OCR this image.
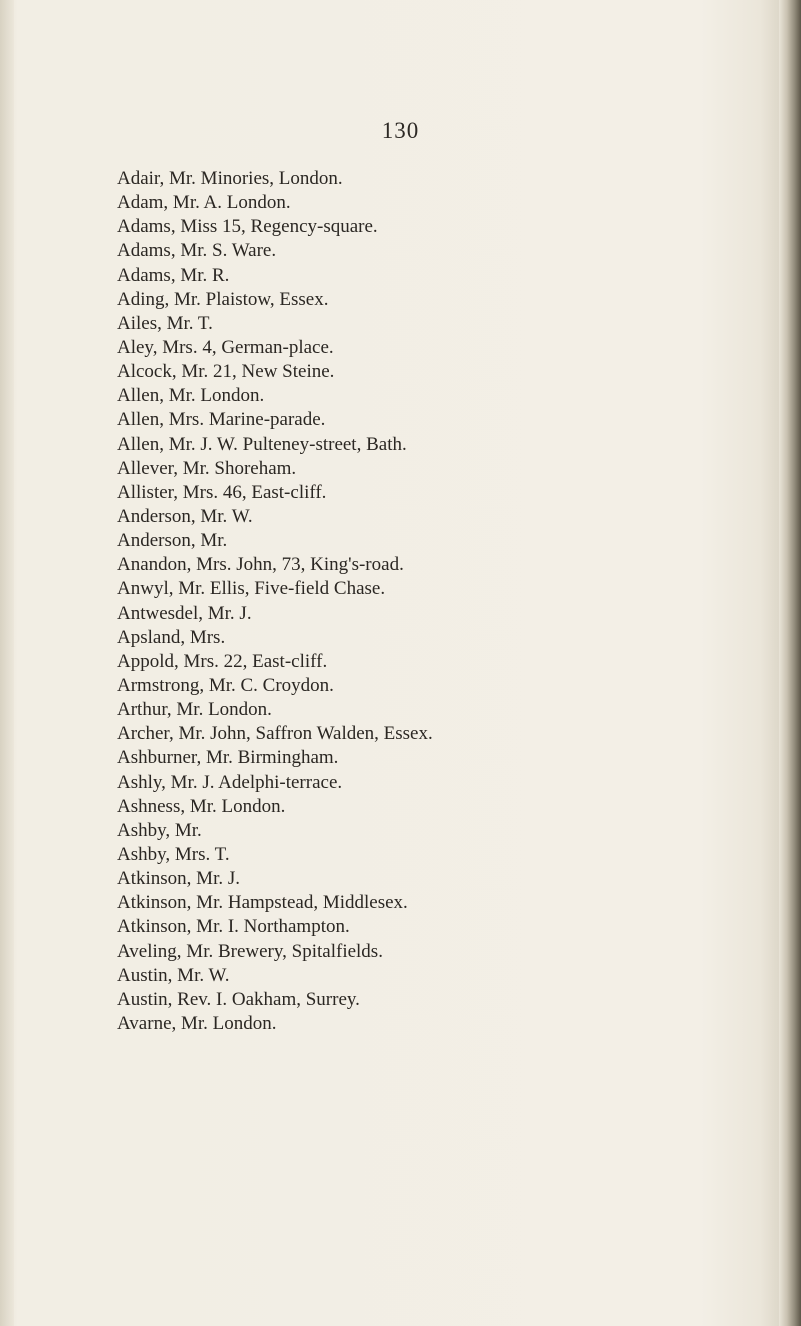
130
Adair, Mr. Minories, London.
Adam, Mr. A. London.
Adams, Miss 15, Regency-square.
Adams, Mr. S. Ware.
Adams, Mr. R.
Ading, Mr. Plaistow, Essex.
Ailes, Mr. T.
Aley, Mrs. 4, German-place.
Alcock, Mr. 21, New Steine.
Allen, Mr. London.
Allen, Mrs. Marine-parade.
Allen, Mr. J. W. Pulteney-street, Bath.
Allever, Mr. Shoreham.
Allister, Mrs. 46, East-cliff.
Anderson, Mr. W.
Anderson, Mr.
Anandon, Mrs. John, 73, King's-road.
Anwyl, Mr. Ellis, Five-field Chase.
Antwesdel, Mr. J.
Apsland, Mrs.
Appold, Mrs. 22, East-cliff.
Armstrong, Mr. C. Croydon.
Arthur, Mr. London.
Archer, Mr. John, Saffron Walden, Essex.
Ashburner, Mr. Birmingham.
Ashly, Mr. J. Adelphi-terrace.
Ashness, Mr. London.
Ashby, Mr.
Ashby, Mrs. T.
Atkinson, Mr. J.
Atkinson, Mr. Hampstead, Middlesex.
Atkinson, Mr. I. Northampton.
Aveling, Mr. Brewery, Spitalfields.
Austin, Mr. W.
Austin, Rev. I. Oakham, Surrey.
Avarne, Mr. London.
